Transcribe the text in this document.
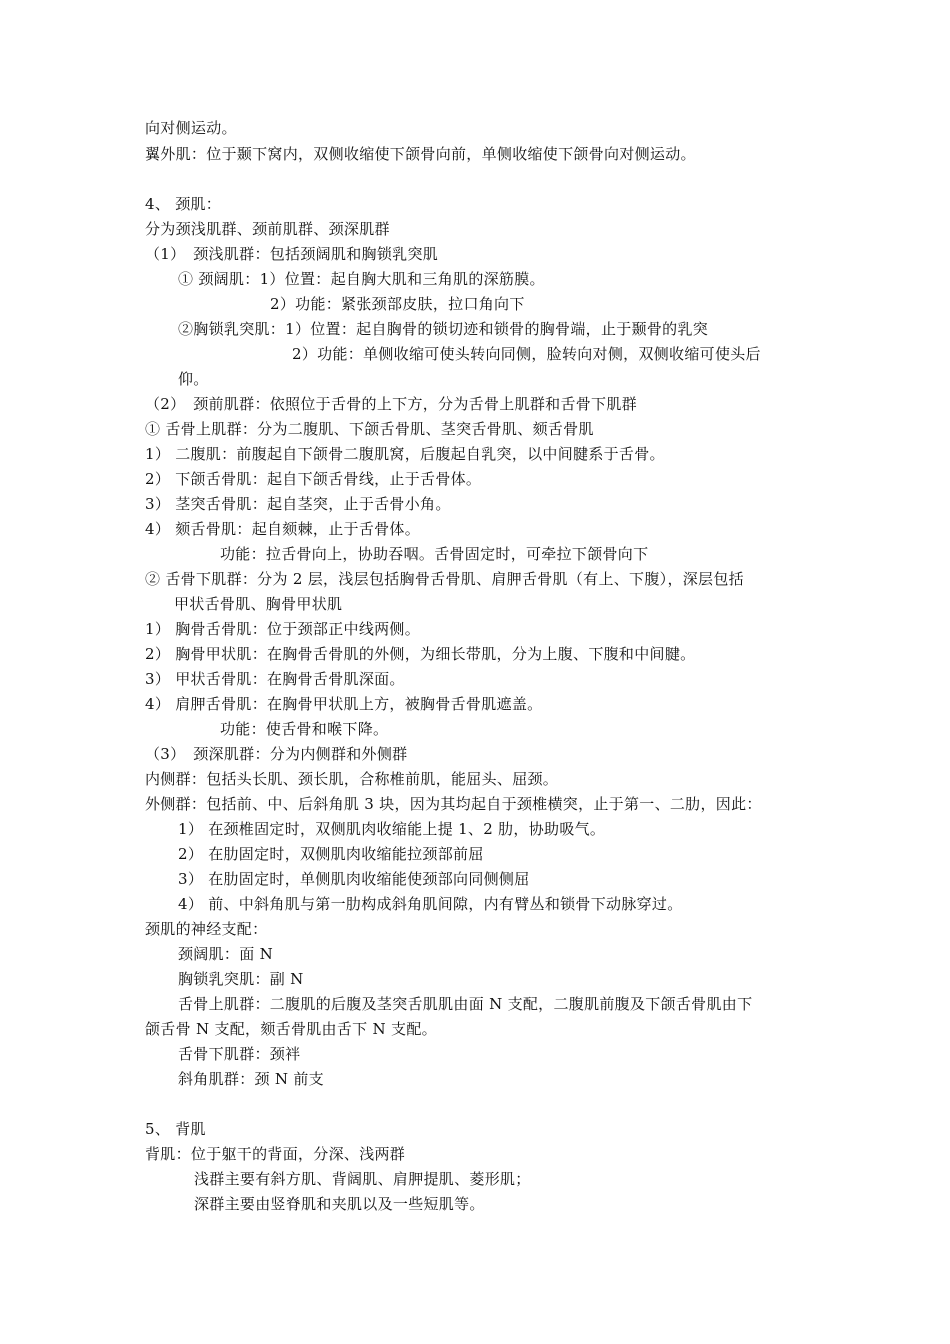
向对侧运动。
翼外肌：位于颞下窝内，双侧收缩使下颌骨向前，单侧收缩使下颌骨向对侧运动。
4、 颈肌：
分为颈浅肌群、颈前肌群、颈深肌群
（1）　颈浅肌群：包括颈阔肌和胸锁乳突肌
① 颈阔肌：1）位置：起自胸大肌和三角肌的深筋膜。
2）功能：紧张颈部皮肤，拉口角向下
②胸锁乳突肌：1）位置：起自胸骨的锁切迹和锁骨的胸骨端，止于颞骨的乳突
2）功能：单侧收缩可使头转向同侧，脸转向对侧，双侧收缩可使头后
仰。
（2）　颈前肌群：依照位于舌骨的上下方，分为舌骨上肌群和舌骨下肌群
① 舌骨上肌群：分为二腹肌、下颌舌骨肌、茎突舌骨肌、颏舌骨肌
1） 二腹肌：前腹起自下颌骨二腹肌窝，后腹起自乳突，以中间腱系于舌骨。
2） 下颌舌骨肌：起自下颌舌骨线，止于舌骨体。
3） 茎突舌骨肌：起自茎突，止于舌骨小角。
4） 颏舌骨肌：起自颏棘，止于舌骨体。
功能：拉舌骨向上，协助吞咽。舌骨固定时，可牵拉下颌骨向下
② 舌骨下肌群：分为 2 层，浅层包括胸骨舌骨肌、肩胛舌骨肌（有上、下腹），深层包括
甲状舌骨肌、胸骨甲状肌
1） 胸骨舌骨肌：位于颈部正中线两侧。
2） 胸骨甲状肌：在胸骨舌骨肌的外侧，为细长带肌，分为上腹、下腹和中间腱。
3） 甲状舌骨肌：在胸骨舌骨肌深面。
4） 肩胛舌骨肌：在胸骨甲状肌上方，被胸骨舌骨肌遮盖。
功能：使舌骨和喉下降。
（3）　颈深肌群：分为内侧群和外侧群
内侧群：包括头长肌、颈长肌，合称椎前肌，能屈头、屈颈。
外侧群：包括前、中、后斜角肌 3 块，因为其均起自于颈椎横突，止于第一、二肋，因此：
1） 在颈椎固定时，双侧肌肉收缩能上提 1、2 肋，协助吸气。
2） 在肋固定时，双侧肌肉收缩能拉颈部前屈
3） 在肋固定时，单侧肌肉收缩能使颈部向同侧侧屈
4） 前、中斜角肌与第一肋构成斜角肌间隙，内有臂丛和锁骨下动脉穿过。
颈肌的神经支配：
颈阔肌：面 N
胸锁乳突肌：副 N
舌骨上肌群：二腹肌的后腹及茎突舌肌肌由面 N 支配，二腹肌前腹及下颌舌骨肌由下
颌舌骨 N 支配，颏舌骨肌由舌下 N 支配。
舌骨下肌群：颈袢
斜角肌群：颈 N 前支
5、 背肌
背肌：位于躯干的背面，分深、浅两群
浅群主要有斜方肌、背阔肌、肩胛提肌、菱形肌；
深群主要由竖脊肌和夹肌以及一些短肌等。
